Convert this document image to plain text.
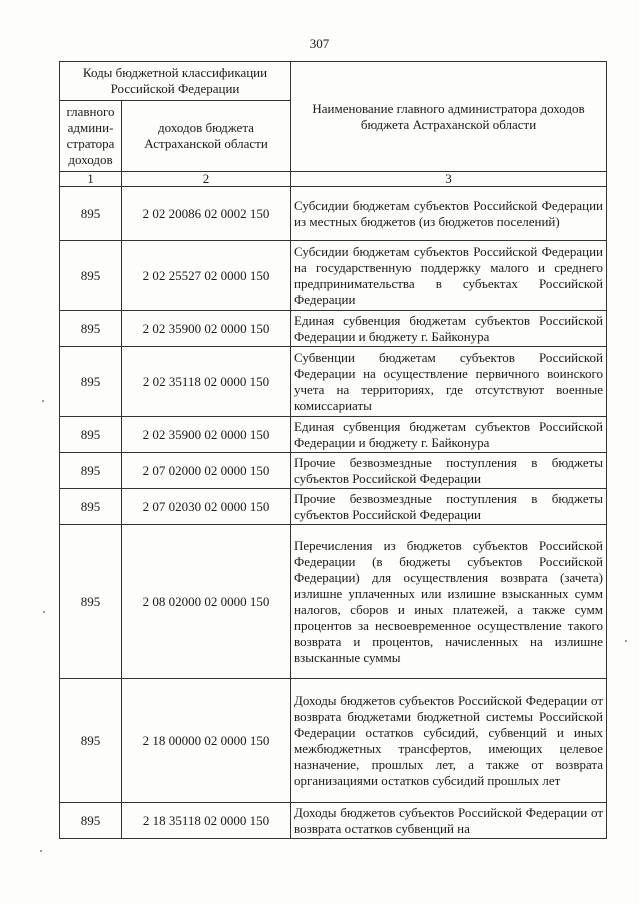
307
Коды бюджетной классификации Российской Федерации		Наименование главного администратора доходов бюджета Астраханской области
главного админи-стратора доходов	доходов бюджета Астраханской области	
1	2	3
895	2 02 20086 02 0002 150	Субсидии бюджетам субъектов Российской Федерации из местных бюджетов (из бюджетов поселений)
895	2 02 25527 02 0000 150	Субсидии бюджетам субъектов Российской Федерации на государственную поддержку малого и среднего предпринимательства в субъектах Российской Федерации
895	2 02 35900 02 0000 150	Единая субвенция бюджетам субъектов Российской Федерации и бюджету г. Байконура
895	2 02 35118 02 0000 150	Субвенции бюджетам субъектов Российской Федерации на осуществление первичного воинского учета на территориях, где отсутствуют военные комиссариаты
895	2 02 35900 02 0000 150	Единая субвенция бюджетам субъектов Российской Федерации и бюджету г. Байконура
895	2 07 02000 02 0000 150	Прочие безвозмездные поступления в бюджеты субъектов Российской Федерации
895	2 07 02030 02 0000 150	Прочие безвозмездные поступления в бюджеты субъектов Российской Федерации
895	2 08 02000 02 0000 150	Перечисления из бюджетов субъектов Российской Федерации (в бюджеты субъектов Российской Федерации) для осуществления возврата (зачета) излишне уплаченных или излишне взысканных сумм налогов, сборов и иных платежей, а также сумм процентов за несвоевременное осуществление такого возврата и процентов, начисленных на излишне взысканные суммы
895	2 18 00000 02 0000 150	Доходы бюджетов субъектов Российской Федерации от возврата бюджетами бюджетной системы Российской Федерации остатков субсидий, субвенций и иных межбюджетных трансфертов, имеющих целевое назначение, прошлых лет, а также от возврата организациями остатков субсидий прошлых лет
895	2 18 35118 02 0000 150	Доходы бюджетов субъектов Российской Федерации от возврата остатков субвенций на
